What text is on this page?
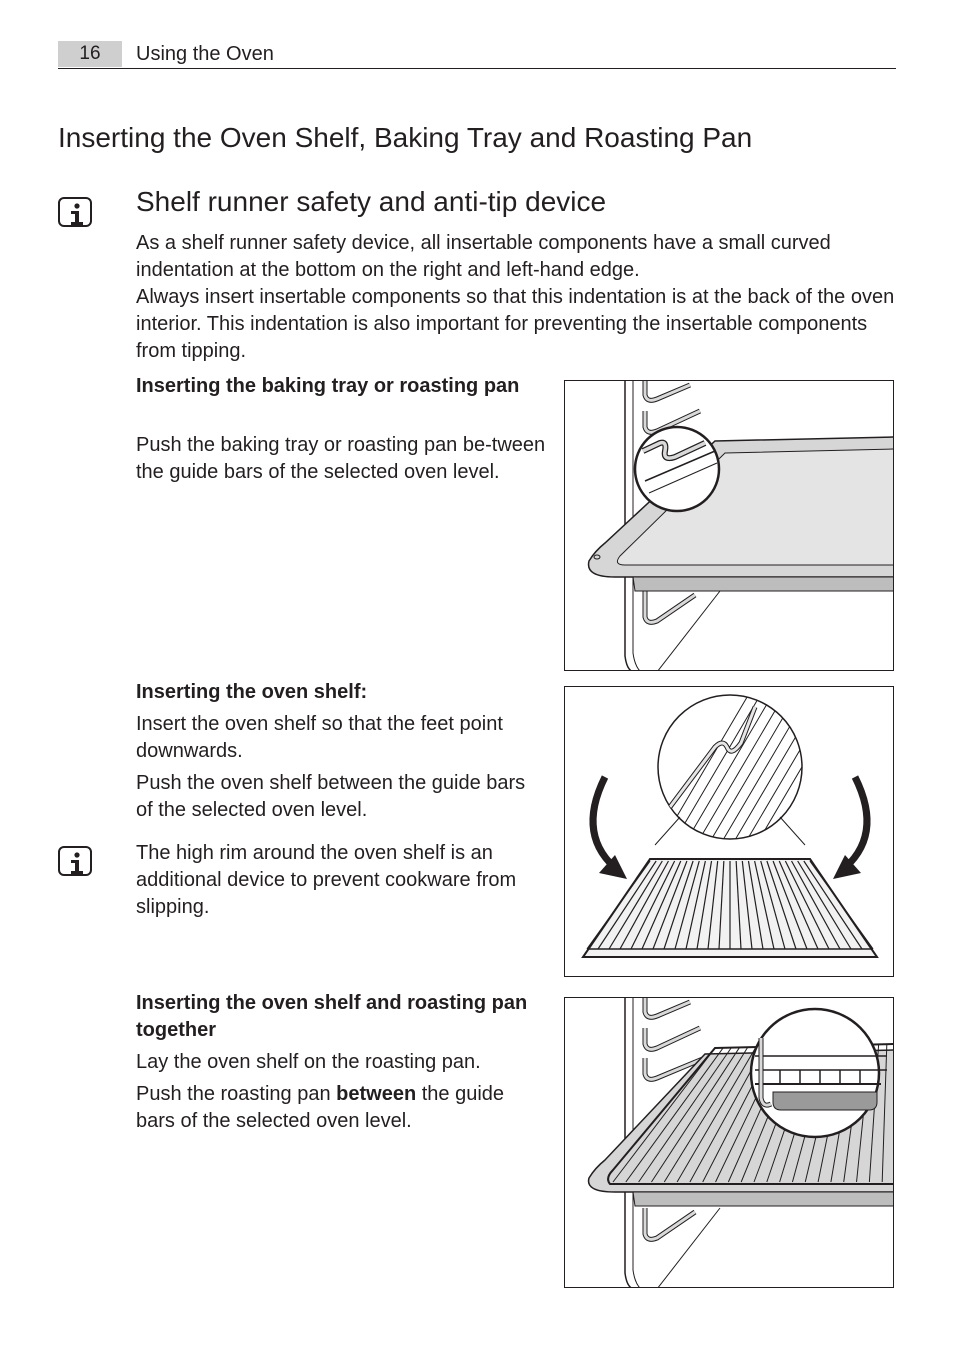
16	Using the Oven
Inserting the Oven Shelf, Baking Tray and Roasting Pan
Shelf runner safety and anti-tip device
As a shelf runner safety device, all insertable components have a small curved indentation at the bottom on the right and left-hand edge.
Always insert insertable components so that this indentation is at the back of the oven interior. This indentation is also important for preventing the insertable components from tipping.
Inserting the baking tray or roasting pan
Push the baking tray or roasting pan be-tween the guide bars of the selected oven level.
Inserting the oven shelf:
Insert the oven shelf so that the feet point downwards.
Push the oven shelf between the guide bars of the selected oven level.
The high rim around the oven shelf is an additional device to prevent cookware from slipping.
Inserting the oven shelf and roasting pan together
Lay the oven shelf on the roasting pan.
Push the roasting pan between the guide bars of the selected oven level.
